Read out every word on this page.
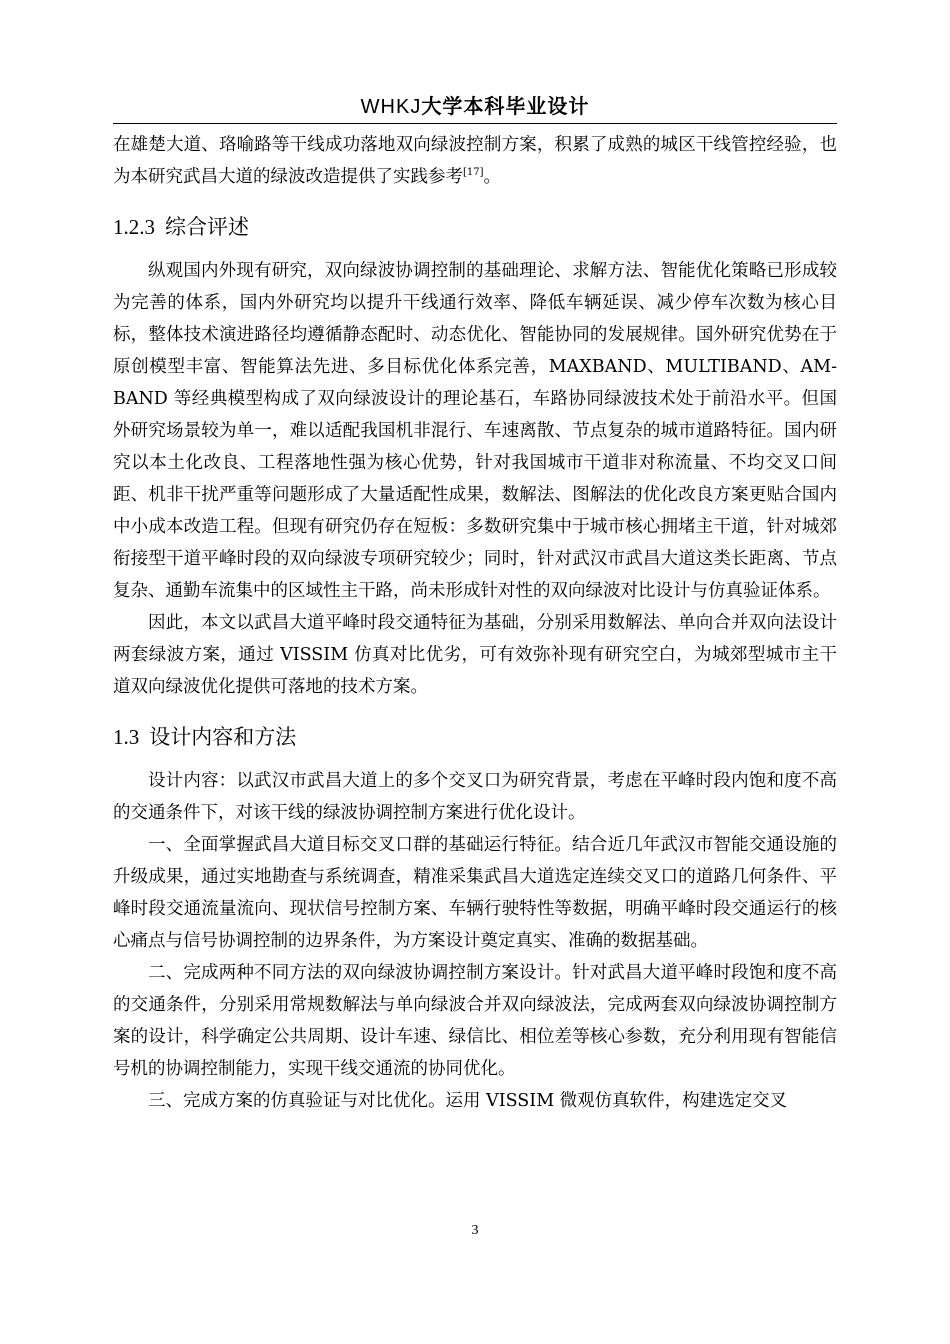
WHKJ大学本科毕业设计

在雄楚大道、珞喻路等干线成功落地双向绿波控制方案，积累了成熟的城区干线管控经验，也为本研究武昌大道的绿波改造提供了实践参考[17]。

1.2.3 综合评述

纵观国内外现有研究，双向绿波协调控制的基础理论、求解方法、智能优化策略已形成较为完善的体系，国内外研究均以提升干线通行效率、降低车辆延误、减少停车次数为核心目标，整体技术演进路径均遵循静态配时、动态优化、智能协同的发展规律。国外研究优势在于原创模型丰富、智能算法先进、多目标优化体系完善，MAXBAND、MULTIBAND、AM-BAND 等经典模型构成了双向绿波设计的理论基石，车路协同绿波技术处于前沿水平。但国外研究场景较为单一，难以适配我国机非混行、车速离散、节点复杂的城市道路特征。国内研究以本土化改良、工程落地性强为核心优势，针对我国城市干道非对称流量、不均交叉口间距、机非干扰严重等问题形成了大量适配性成果，数解法、图解法的优化改良方案更贴合国内中小成本改造工程。但现有研究仍存在短板：多数研究集中于城市核心拥堵主干道，针对城郊衔接型干道平峰时段的双向绿波专项研究较少；同时，针对武汉市武昌大道这类长距离、节点复杂、通勤车流集中的区域性主干路，尚未形成针对性的双向绿波对比设计与仿真验证体系。

因此，本文以武昌大道平峰时段交通特征为基础，分别采用数解法、单向合并双向法设计两套绿波方案，通过 VISSIM 仿真对比优劣，可有效弥补现有研究空白，为城郊型城市主干道双向绿波优化提供可落地的技术方案。

1.3 设计内容和方法

设计内容：以武汉市武昌大道上的多个交叉口为研究背景，考虑在平峰时段内饱和度不高的交通条件下，对该干线的绿波协调控制方案进行优化设计。

一、全面掌握武昌大道目标交叉口群的基础运行特征。结合近几年武汉市智能交通设施的升级成果，通过实地勘查与系统调查，精准采集武昌大道选定连续交叉口的道路几何条件、平峰时段交通流量流向、现状信号控制方案、车辆行驶特性等数据，明确平峰时段交通运行的核心痛点与信号协调控制的边界条件，为方案设计奠定真实、准确的数据基础。

二、完成两种不同方法的双向绿波协调控制方案设计。针对武昌大道平峰时段饱和度不高的交通条件，分别采用常规数解法与单向绿波合并双向绿波法，完成两套双向绿波协调控制方案的设计，科学确定公共周期、设计车速、绿信比、相位差等核心参数，充分利用现有智能信号机的协调控制能力，实现干线交通流的协同优化。

三、完成方案的仿真验证与对比优化。运用 VISSIM 微观仿真软件，构建选定交叉

3
